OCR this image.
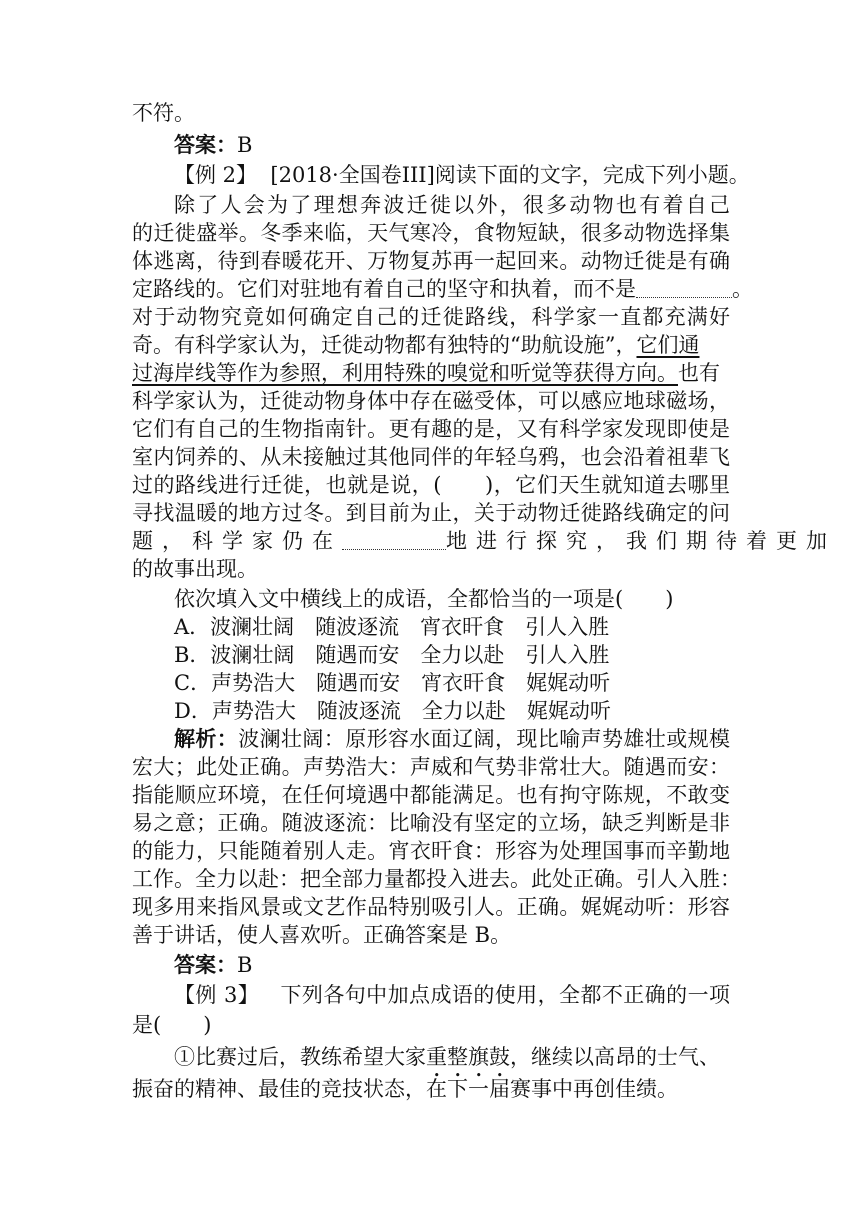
不符。
答案：B
【例 2】 [2018·全国卷III]阅读下面的文字，完成下列小题。
除了人会为了理想奔波迁徙以外，很多动物也有着自己
的迁徙盛举。冬季来临，天气寒冷，食物短缺，很多动物选择集
体逃离，待到春暖花开、万物复苏再一起回来。动物迁徙是有确
定路线的。它们对驻地有着自己的坚守和执着，而不是	。
对于动物究竟如何确定自己的迁徙路线，科学家一直都充满好
奇。有科学家认为，迁徙动物都有独特的“助航设施”，它们通
过海岸线等作为参照，利用特殊的嗅觉和听觉等获得方向。也有
科学家认为，迁徙动物身体中存在磁受体，可以感应地球磁场，
它们有自己的生物指南针。更有趣的是，又有科学家发现即使是
室内饲养的、从未接触过其他同伴的年轻乌鸦，也会沿着祖辈飞
过的路线进行迁徙，也就是说，(　　)，它们天生就知道去哪里
寻找温暖的地方过冬。到目前为止，关于动物迁徙路线确定的问
题，科学家仍在	地进行探究，我们期待着更加
的故事出现。
依次填入文中横线上的成语，全都恰当的一项是(　　)
A．波澜壮阔　随波逐流　宵衣旰食　引人入胜
B．波澜壮阔　随遇而安　全力以赴　引人入胜
C．声势浩大　随遇而安　宵衣旰食　娓娓动听
D．声势浩大　随波逐流　全力以赴　娓娓动听
解析：波澜壮阔：原形容水面辽阔，现比喻声势雄壮或规模
宏大；此处正确。声势浩大：声威和气势非常壮大。随遇而安：
指能顺应环境，在任何境遇中都能满足。也有拘守陈规，不敢变
易之意；正确。随波逐流：比喻没有坚定的立场，缺乏判断是非
的能力，只能随着别人走。宵衣旰食：形容为处理国事而辛勤地
工作。全力以赴：把全部力量都投入进去。此处正确。引人入胜：
现多用来指风景或文艺作品特别吸引人。正确。娓娓动听：形容
善于讲话，使人喜欢听。正确答案是 B。
答案：B
【例 3】 下列各句中加点成语的使用，全都不正确的一项
是(　　)
①比赛过后，教练希望大家重整旗鼓，继续以高昂的士气、
振奋的精神、最佳的竞技状态，在下一届赛事中再创佳绩。
